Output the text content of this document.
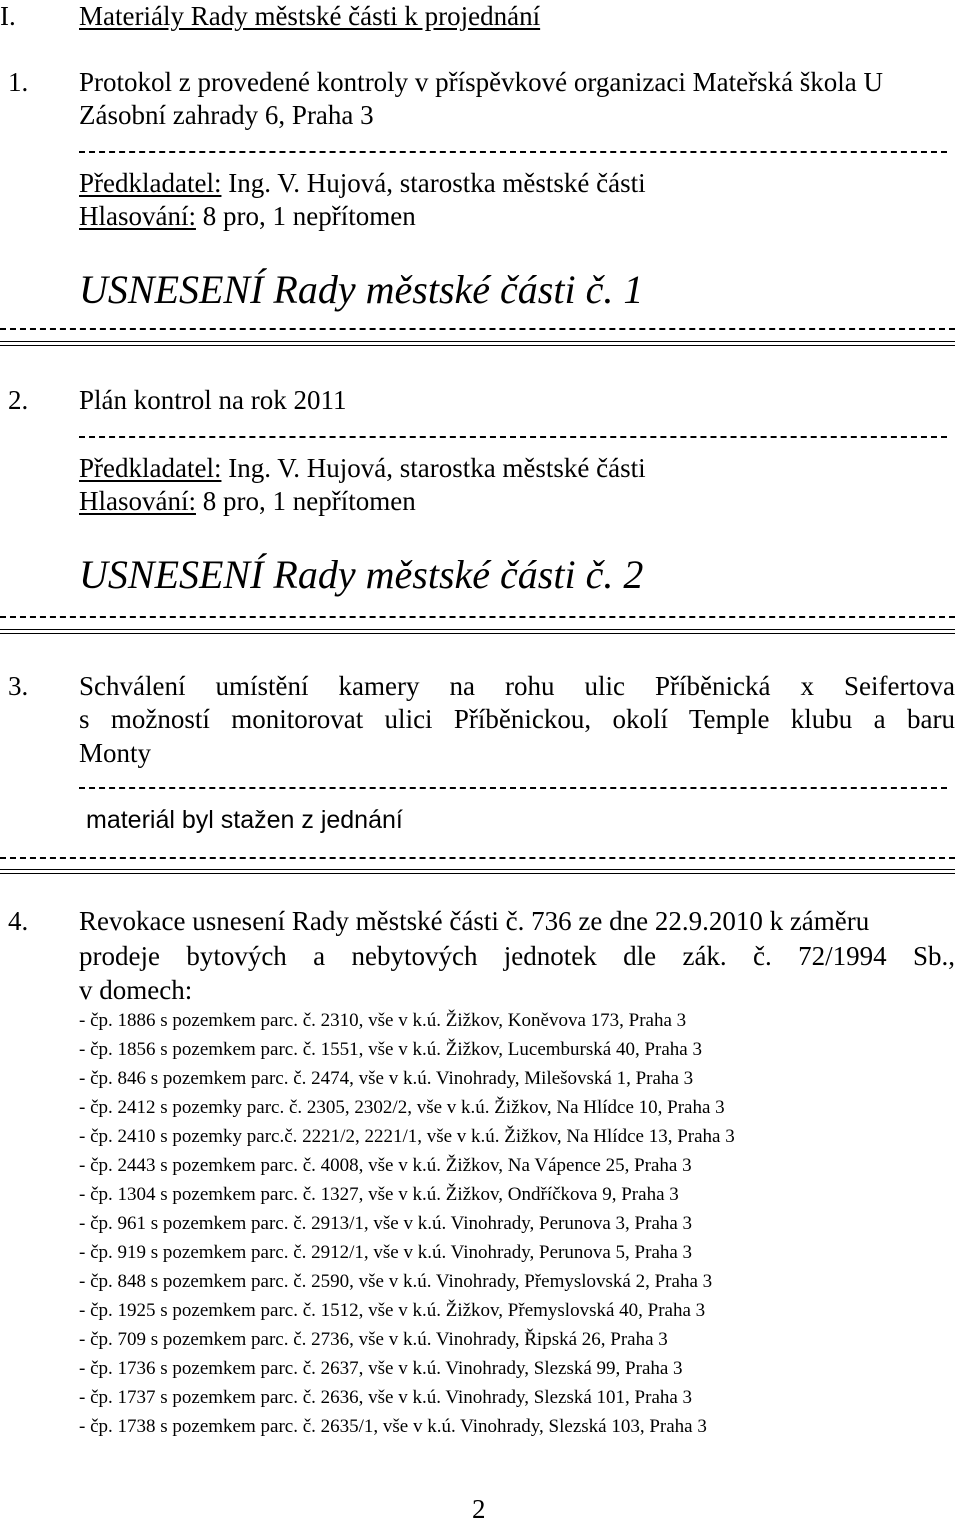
I. Materiály Rady městské části k projednání
1. Protokol z provedené kontroly v příspěvkové organizaci Mateřská škola U
Zásobní zahrady 6, Praha 3
Předkladatel: Ing. V. Hujová, starostka městské části
Hlasování: 8 pro, 1 nepřítomen
USNESENÍ Rady městské části č. 1
2. Plán kontrol na rok 2011
Předkladatel: Ing. V. Hujová, starostka městské části
Hlasování: 8 pro, 1 nepřítomen
USNESENÍ Rady městské části č. 2
3. Schválení umístění kamery na rohu ulic Příběnická x Seifertova
s možností monitorovat ulici Příběnickou, okolí Temple klubu a baru
Monty
materiál byl stažen z jednání
4. Revokace usnesení Rady městské části č. 736 ze dne 22.9.2010 k záměru
prodeje bytových a nebytových jednotek dle zák. č. 72/1994 Sb.,
v domech:
- čp. 1886 s pozemkem parc. č. 2310, vše v k.ú. Žižkov, Koněvova 173, Praha 3
- čp. 1856 s pozemkem parc. č. 1551, vše v k.ú. Žižkov, Lucemburská 40, Praha 3
- čp. 846 s pozemkem parc. č. 2474, vše v k.ú. Vinohrady, Milešovská 1, Praha 3
- čp. 2412 s pozemky parc. č. 2305, 2302/2, vše v k.ú. Žižkov, Na Hlídce 10, Praha 3
- čp. 2410 s pozemky parc.č. 2221/2, 2221/1, vše v k.ú. Žižkov, Na Hlídce 13, Praha 3
- čp. 2443 s pozemkem parc. č. 4008, vše v k.ú. Žižkov, Na Vápence 25, Praha 3
- čp. 1304 s pozemkem parc. č. 1327, vše v k.ú. Žižkov, Ondříčkova 9, Praha 3
- čp. 961 s pozemkem parc. č. 2913/1, vše v k.ú. Vinohrady, Perunova 3, Praha 3
- čp. 919 s pozemkem parc. č. 2912/1, vše v k.ú. Vinohrady, Perunova 5, Praha 3
- čp. 848 s pozemkem parc. č. 2590, vše v k.ú. Vinohrady, Přemyslovská 2, Praha 3
- čp. 1925 s pozemkem parc. č. 1512, vše v k.ú. Žižkov, Přemyslovská 40, Praha 3
- čp. 709 s pozemkem parc. č. 2736, vše v k.ú. Vinohrady, Řipská 26, Praha 3
- čp. 1736 s pozemkem parc. č. 2637, vše v k.ú. Vinohrady, Slezská 99, Praha 3
- čp. 1737 s pozemkem parc. č. 2636, vše v k.ú. Vinohrady, Slezská 101, Praha 3
- čp. 1738 s pozemkem parc. č. 2635/1, vše v k.ú. Vinohrady, Slezská 103, Praha 3
2
